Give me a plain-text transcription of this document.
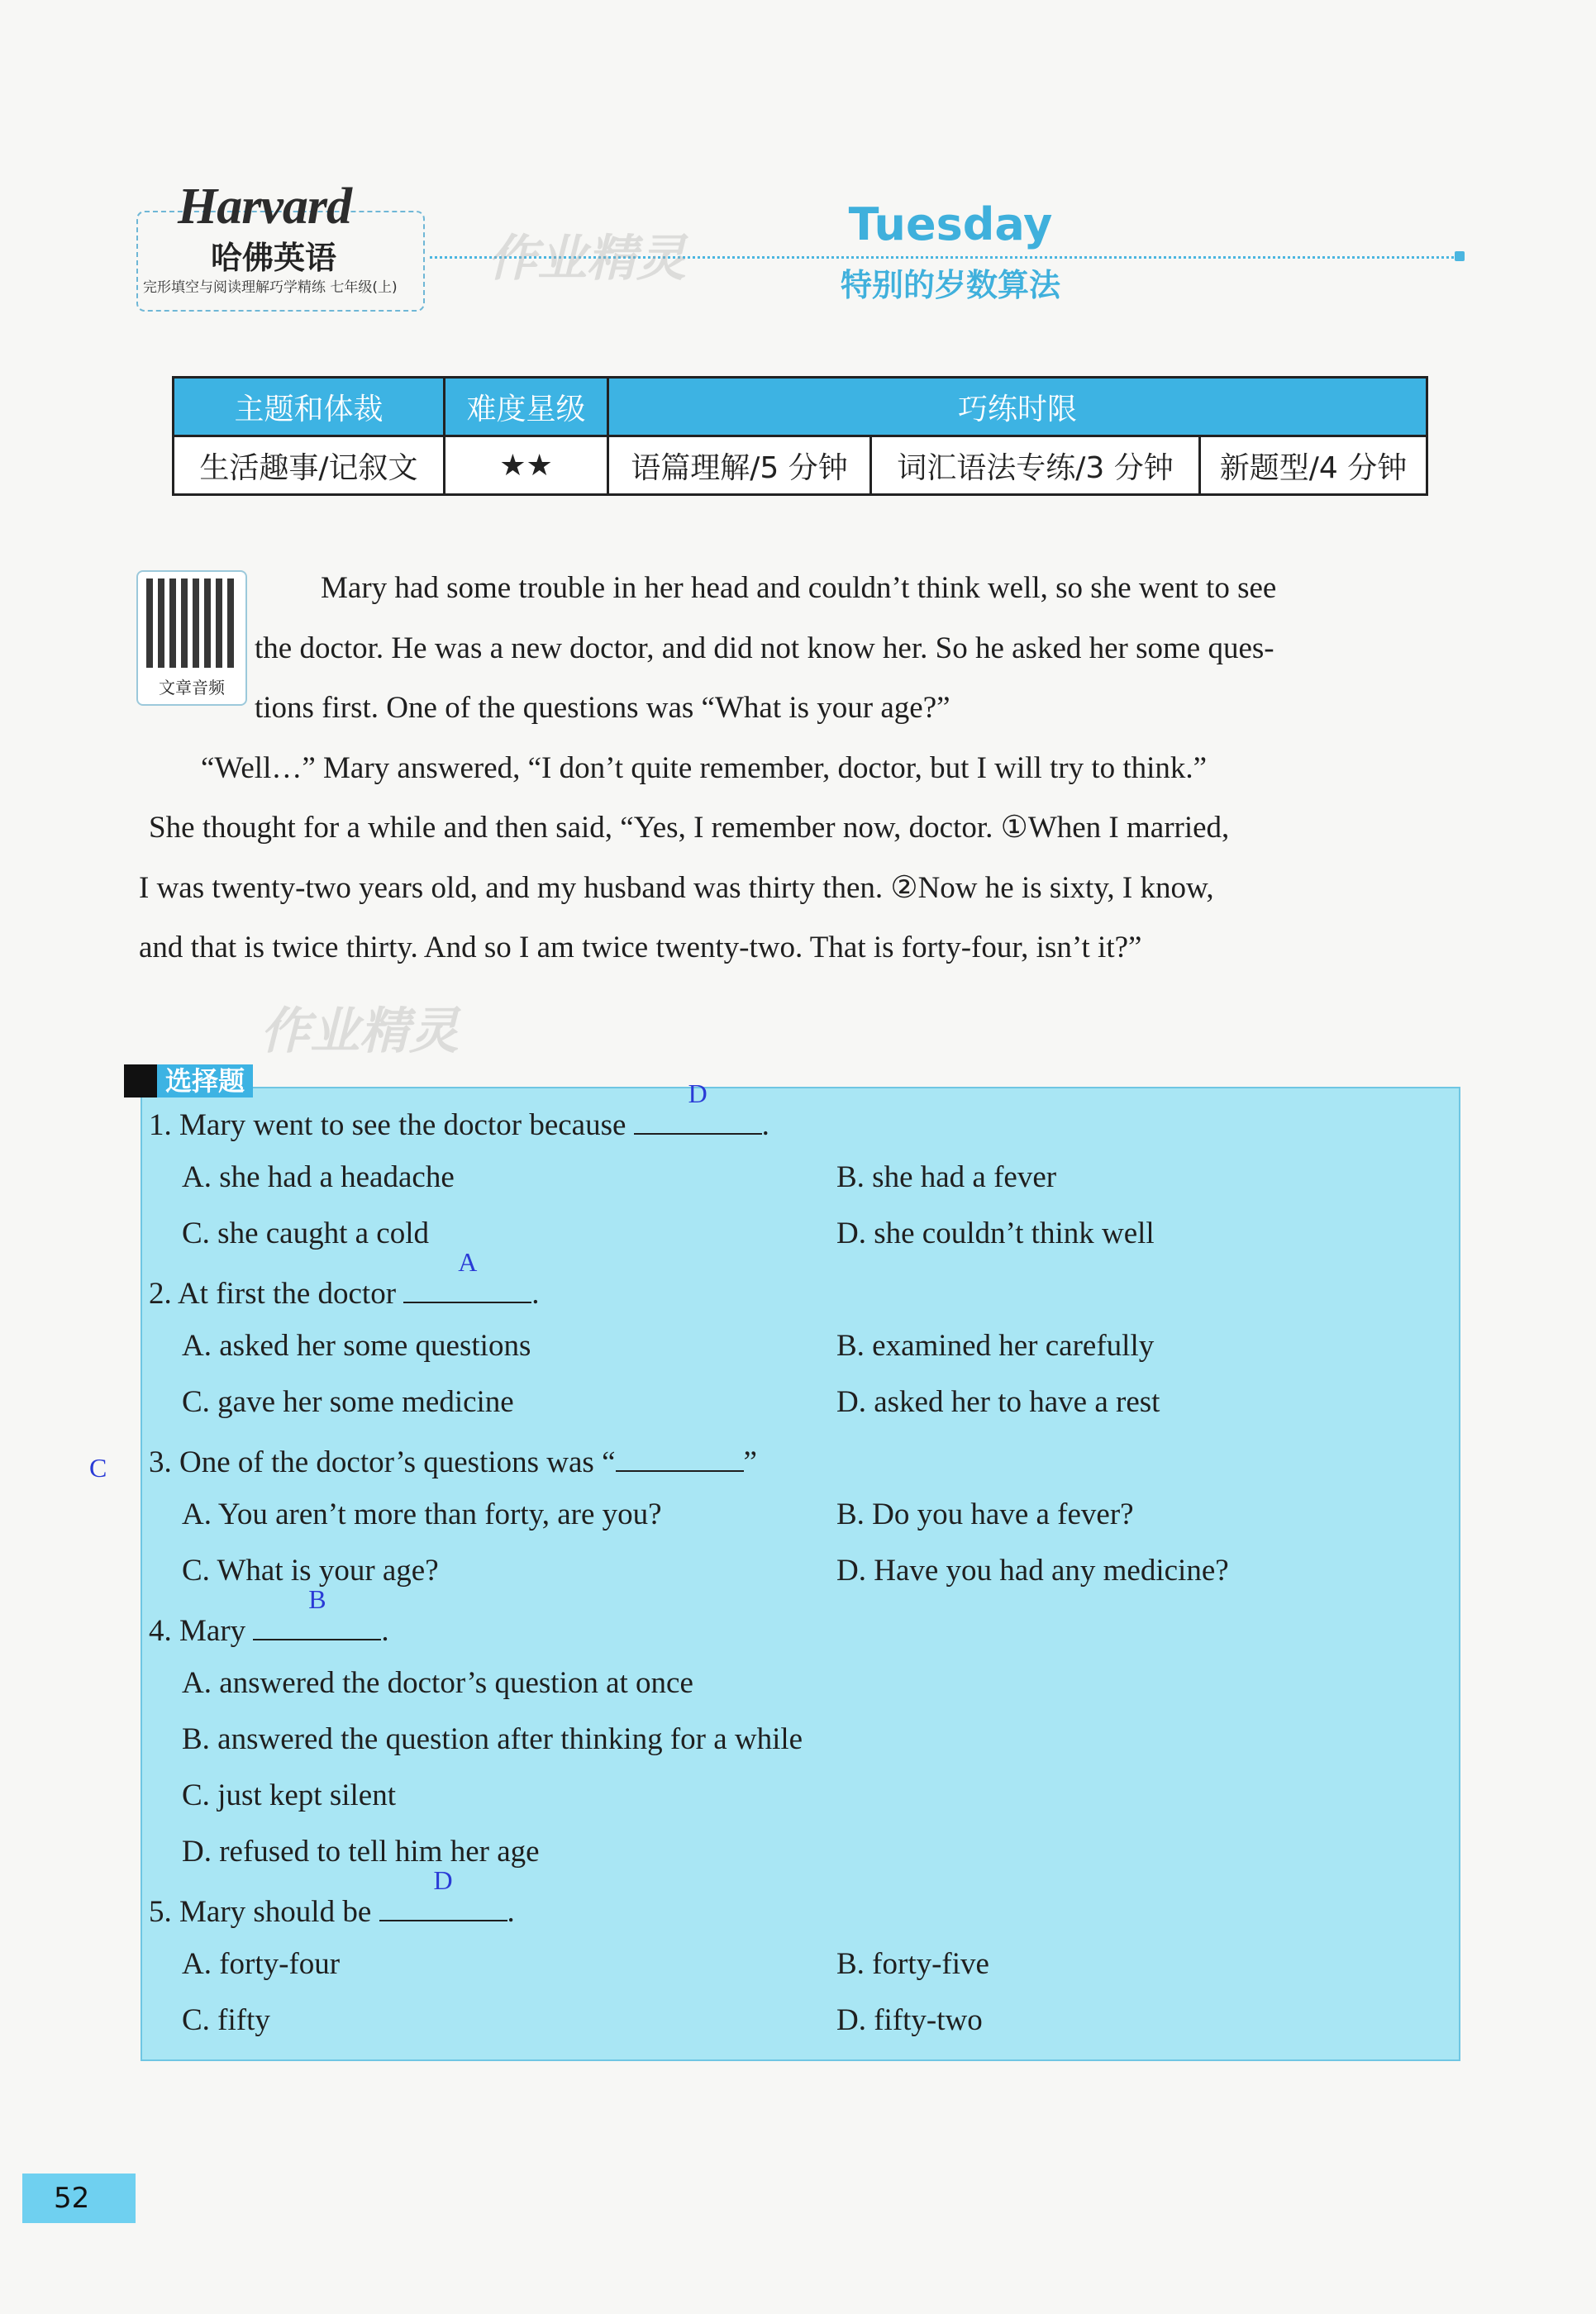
Harvard
哈佛英语
完形填空与阅读理解巧学精练 七年级(上)
Tuesday
特别的岁数算法
作业精灵
主题和体裁	难度星级	巧练时限		
生活趣事/记叙文	★★	语篇理解/5 分钟	词汇语法专练/3 分钟	新题型/4 分钟
文章音频
Mary had some trouble in her head and couldn’t think well, so she went to see
the doctor. He was a new doctor, and did not know her. So he asked her some ques-
tions first. One of the questions was “What is your age?”
“Well…” Mary answered, “I don’t quite remember, doctor, but I will try to think.”
She thought for a while and then said, “Yes, I remember now, doctor. ①When I married,
I was twenty-two years old, and my husband was thirty then. ②Now he is sixty, I know,
and that is twice thirty. And so I am twice twenty-two. That is forty-four, isn’t it?”
作业精灵
选择题
C
1. Mary went to see the doctor because
D
.
A. she had a headache	B. she had a fever
C. she caught a cold	D. she couldn’t think well
2. At first the doctor
A
.
A. asked her some questions	B. examined her carefully
C. gave her some medicine	D. asked her to have a rest
3. One of the doctor’s questions was “	”
A. You aren’t more than forty, are you?	B. Do you have a fever?
C. What is your age?	D. Have you had any medicine?
4. Mary
B
.
A. answered the doctor’s question at once
B. answered the question after thinking for a while
C. just kept silent
D. refused to tell him her age
5. Mary should be
D
.
A. forty-four	B. forty-five
C. fifty	D. fifty-two
52
